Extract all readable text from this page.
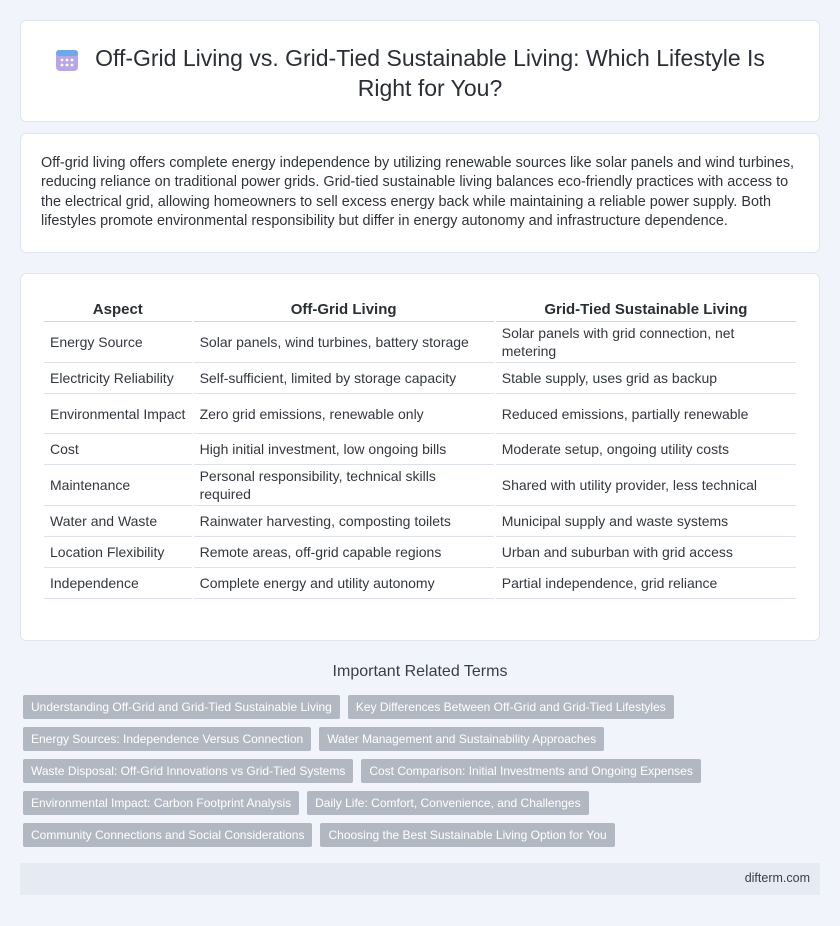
Off-Grid Living vs. Grid-Tied Sustainable Living: Which Lifestyle Is Right for You?

Off-grid living offers complete energy independence by utilizing renewable sources like solar panels and wind turbines, reducing reliance on traditional power grids. Grid-tied sustainable living balances eco-friendly practices with access to the electrical grid, allowing homeowners to sell excess energy back while maintaining a reliable power supply. Both lifestyles promote environmental responsibility but differ in energy autonomy and infrastructure dependence.

Aspect	Off-Grid Living	Grid-Tied Sustainable Living
Energy Source	Solar panels, wind turbines, battery storage	Solar panels with grid connection, net metering
Electricity Reliability	Self-sufficient, limited by storage capacity	Stable supply, uses grid as backup
Environmental Impact	Zero grid emissions, renewable only	Reduced emissions, partially renewable
Cost	High initial investment, low ongoing bills	Moderate setup, ongoing utility costs
Maintenance	Personal responsibility, technical skills required	Shared with utility provider, less technical
Water and Waste	Rainwater harvesting, composting toilets	Municipal supply and waste systems
Location Flexibility	Remote areas, off-grid capable regions	Urban and suburban with grid access
Independence	Complete energy and utility autonomy	Partial independence, grid reliance
Important Related Terms
Understanding Off-Grid and Grid-Tied Sustainable Living	Key Differences Between Off-Grid and Grid-Tied Lifestyles
Energy Sources: Independence Versus Connection	Water Management and Sustainability Approaches
Waste Disposal: Off-Grid Innovations vs Grid-Tied Systems	Cost Comparison: Initial Investments and Ongoing Expenses
Environmental Impact: Carbon Footprint Analysis	Daily Life: Comfort, Convenience, and Challenges
Community Connections and Social Considerations	Choosing the Best Sustainable Living Option for You
difterm.com
